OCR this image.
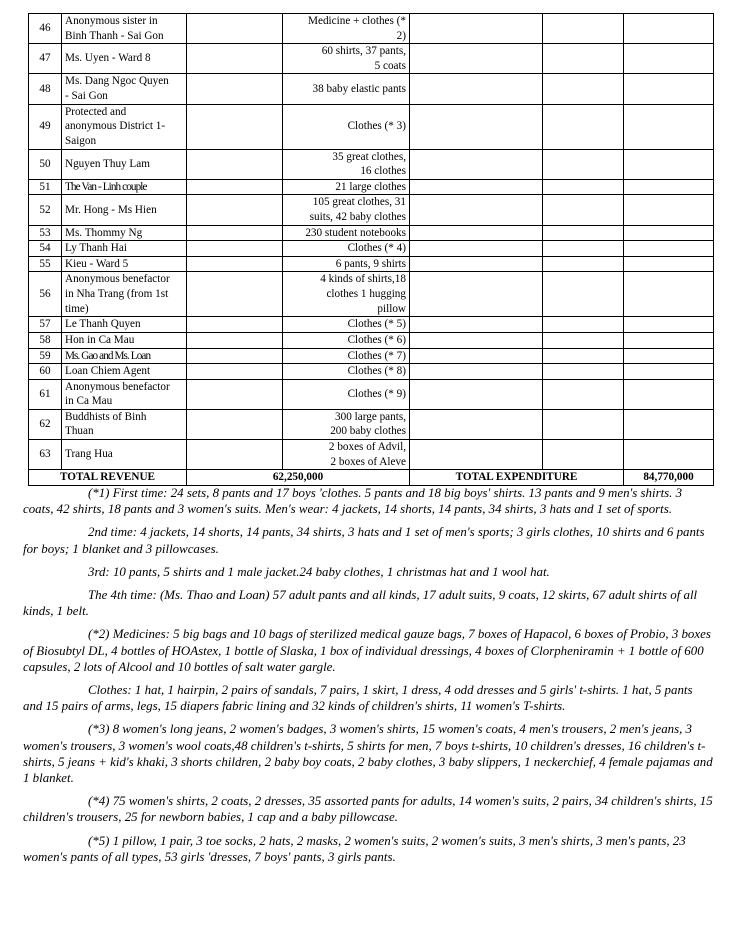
46	Anonymous sister in
Binh Thanh - Sai Gon		Medicine + clothes (*
2)			
47	Ms. Uyen - Ward 8		60 shirts, 37 pants,
5 coats			
48	Ms. Dang Ngoc Quyen
- Sai Gon		38 baby elastic pants			
49	Protected and
anonymous District 1-
Saigon		Clothes (* 3)			
50	Nguyen Thuy Lam		35 great clothes,
16 clothes			
51	The Van - Linh couple		21 large clothes			
52	Mr. Hong - Ms Hien		105 great clothes, 31
suits, 42 baby clothes			
53	Ms. Thommy Ng		230 student notebooks			
54	Ly Thanh Hai		Clothes (* 4)			
55	Kieu - Ward 5		6 pants, 9 shirts			
56	Anonymous benefactor
in Nha Trang (from 1st
time)		4 kinds of shirts,18
clothes 1 hugging
pillow			
57	Le Thanh Quyen		Clothes (* 5)			
58	Hon in Ca Mau		Clothes (* 6)			
59	Ms. Gao and Ms. Loan		Clothes (* 7)			
60	Loan Chiem Agent		Clothes (* 8)			
61	Anonymous benefactor
in Ca Mau		Clothes (* 9)			
62	Buddhists of Binh
Thuan		300 large pants,
200 baby clothes			
63	Trang Hua		2 boxes of Advil,
2 boxes of Aleve			
TOTAL REVENUE		62,250,000		TOTAL EXPENDITURE		84,770,000

(*1) First time: 24 sets, 8 pants and 17 boys 'clothes. 5 pants and 18 big boys' shirts. 13 pants and 9 men's shirts. 3 coats, 42 shirts, 18 pants and 3 women's suits. Men's wear: 4 jackets, 14 shorts, 14 pants, 34 shirts, 3 hats and 1 set of sports.

2nd time: 4 jackets, 14 shorts, 14 pants, 34 shirts, 3 hats and 1 set of men's sports; 3 girls clothes, 10 shirts and 6 pants for boys; 1 blanket and 3 pillowcases.

3rd: 10 pants, 5 shirts and 1 male jacket.24 baby clothes, 1 christmas hat and 1 wool hat.

The 4th time: (Ms. Thao and Loan) 57 adult pants and all kinds, 17 adult suits, 9 coats, 12 skirts, 67 adult shirts of all kinds, 1 belt.

(*2) Medicines: 5 big bags and 10 bags of sterilized medical gauze bags, 7 boxes of Hapacol, 6 boxes of Probio, 3 boxes of Biosubtyl DL, 4 bottles of HOAstex, 1 bottle of Slaska, 1 box of individual dressings, 4 boxes of Clorpheniramin + 1 bottle of 600 capsules, 2 lots of Alcool and 10 bottles of salt water gargle.

Clothes: 1 hat, 1 hairpin, 2 pairs of sandals, 7 pairs, 1 skirt, 1 dress, 4 odd dresses and 5 girls' t-shirts. 1 hat, 5 pants and 15 pairs of arms, legs, 15 diapers fabric lining and 32 kinds of children's shirts, 11 women's T-shirts.

(*3) 8 women's long jeans, 2 women's badges, 3 women's shirts, 15 women's coats, 4 men's trousers, 2 men's jeans, 3 women's trousers, 3 women's wool coats,48 children's t-shirts, 5 shirts for men, 7 boys t-shirts, 10 children's dresses, 16 children's t-shirts, 5 jeans + kid's khaki, 3 shorts children, 2 baby boy coats, 2 baby clothes, 3 baby slippers, 1 neckerchief, 4 female pajamas and 1 blanket.

(*4) 75 women's shirts, 2 coats, 2 dresses, 35 assorted pants for adults, 14 women's suits, 2 pairs, 34 children's shirts, 15 children's trousers, 25 for newborn babies, 1 cap and a baby pillowcase.

(*5) 1 pillow, 1 pair, 3 toe socks, 2 hats, 2 masks, 2 women's suits, 2 women's suits, 3 men's shirts, 3 men's pants, 23 women's pants of all types, 53 girls 'dresses, 7 boys' pants, 3 girls pants.
